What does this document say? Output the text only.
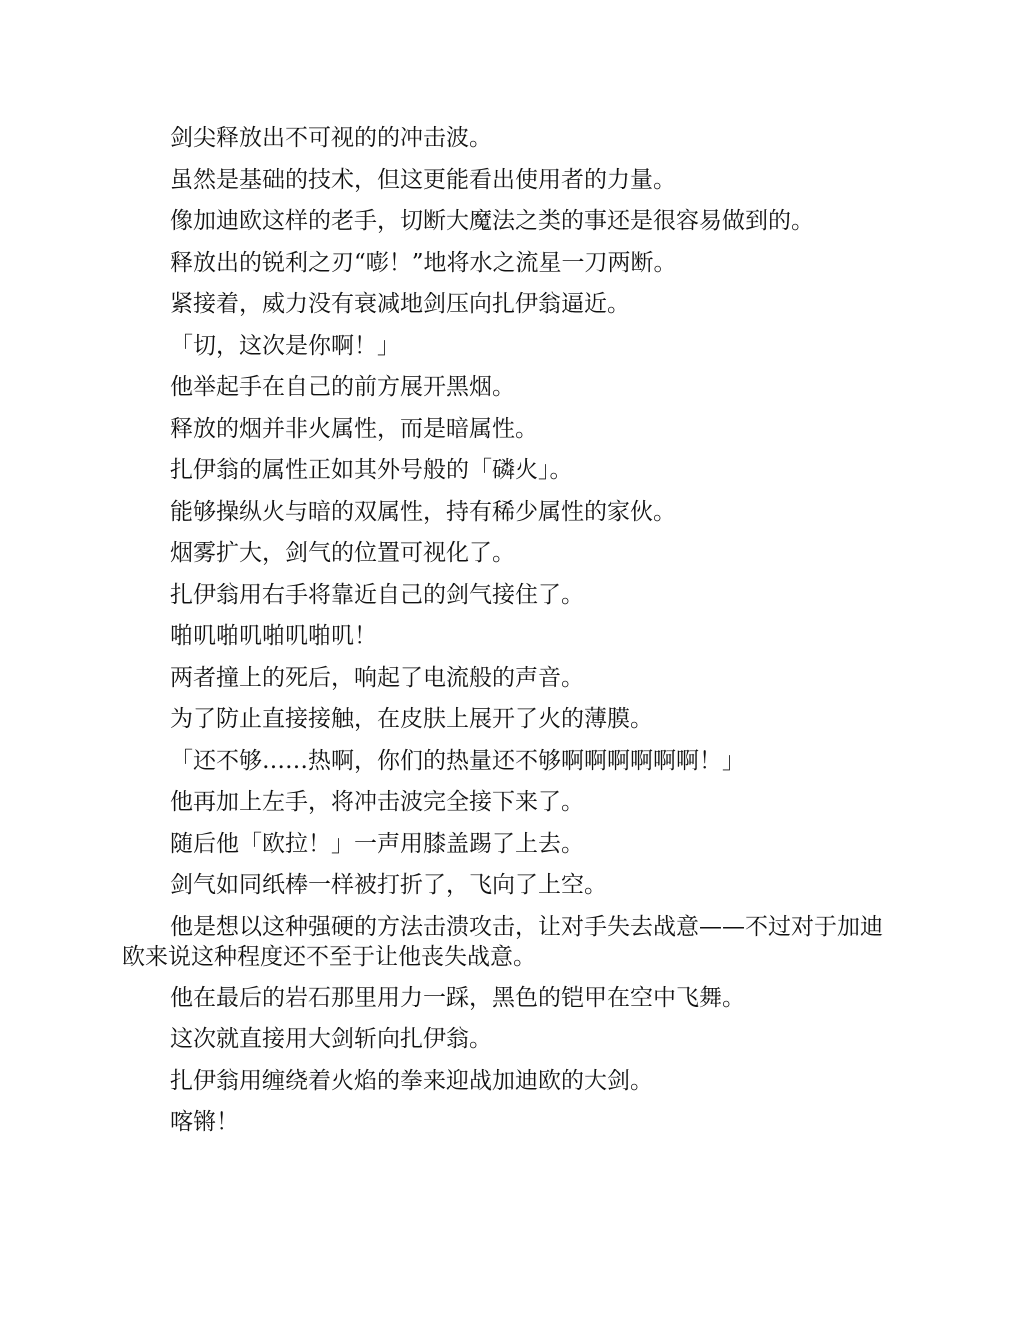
剑尖释放出不可视的的冲击波。

虽然是基础的技术，但这更能看出使用者的力量。

像加迪欧这样的老手，切断大魔法之类的事还是很容易做到的。

释放出的锐利之刃“嘭！”地将水之流星一刀两断。

紧接着，威力没有衰减地剑压向扎伊翁逼近。

「切，这次是你啊！」

他举起手在自己的前方展开黑烟。

释放的烟并非火属性，而是暗属性。

扎伊翁的属性正如其外号般的「磷火」。

能够操纵火与暗的双属性，持有稀少属性的家伙。

烟雾扩大，剑气的位置可视化了。

扎伊翁用右手将靠近自己的剑气接住了。

啪叽啪叽啪叽啪叽！

两者撞上的死后，响起了电流般的声音。

为了防止直接接触，在皮肤上展开了火的薄膜。

「还不够……热啊，你们的热量还不够啊啊啊啊啊啊！」

他再加上左手，将冲击波完全接下来了。

随后他「欧拉！」一声用膝盖踢了上去。

剑气如同纸棒一样被打折了，飞向了上空。

他是想以这种强硬的方法击溃攻击，让对手失去战意——不过对于加迪欧来说这种程度还不至于让他丧失战意。

他在最后的岩石那里用力一踩，黑色的铠甲在空中飞舞。

这次就直接用大剑斩向扎伊翁。

扎伊翁用缠绕着火焰的拳来迎战加迪欧的大剑。

喀锵！
